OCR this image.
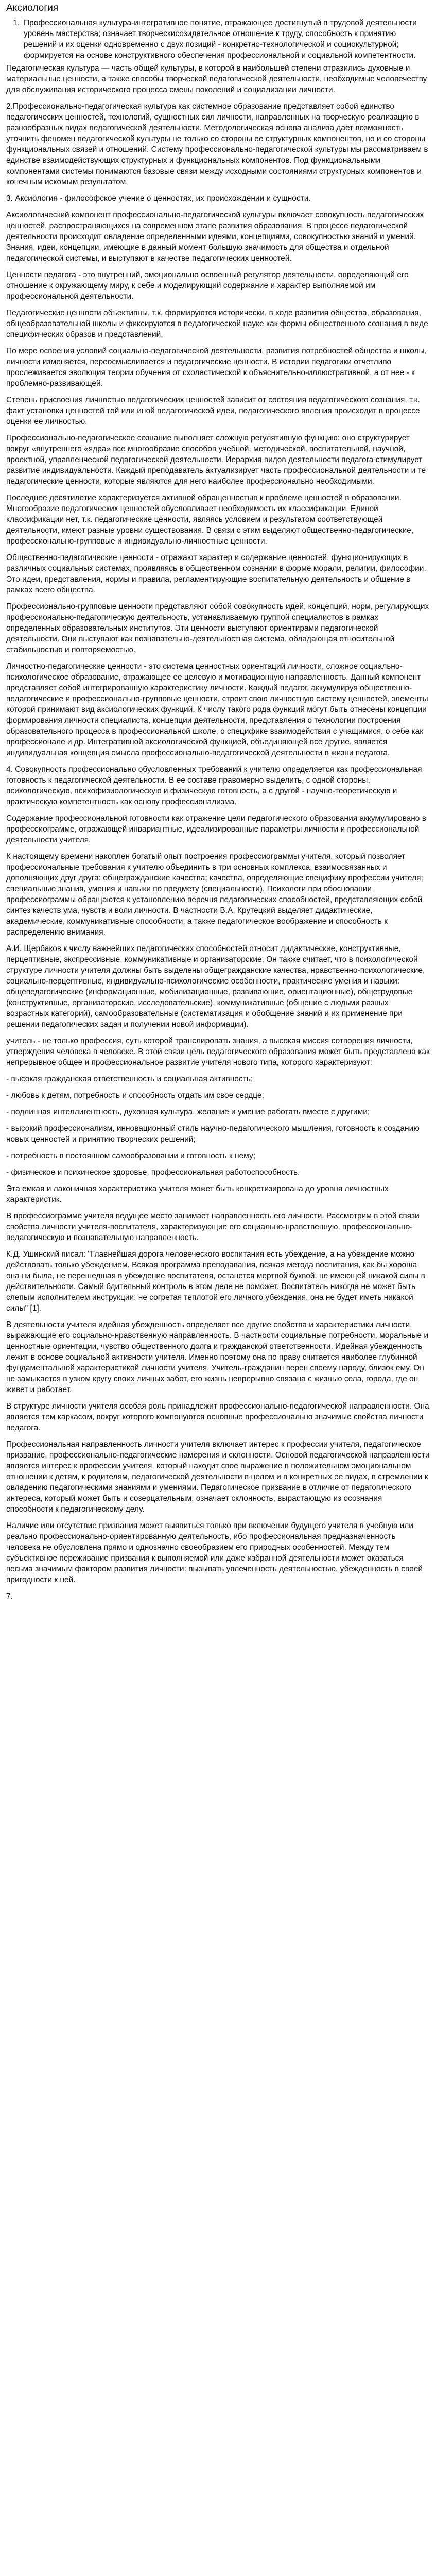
Аксиология
1. Профессиональная культура-интегративное понятие, отражающее достигнутый в трудовой деятельности уровень мастерства; означает творческисозидательное отношение к труду, способность к принятию решений и их оценки одновременно с двух позиций - конкретно-технологической и социокультурной; формируется на основе конструктивного обеспечения профессиональной и социальной компетентности.

Педагогическая культура — часть общей культуры, в которой в наибольшей степени отразились духовные и материальные ценности, а также способы творческой педагогической деятельности, необходимые человечеству для обслуживания исторического процесса смены поколений и социализации личности.

2.Профессионально-педагогическая культура как системное образование представляет собой единство педагогических ценностей, технологий, сущностных сил личности, направленных на творческую реализацию в разнообразных видах педагогической деятельности. Методологическая основа анализа дает возможность уточнить феномен педагогической культуры не только со стороны ее структурных компонентов, но и со стороны функциональных связей и отношений. Систему профессионально-педагогической культуры мы рассматриваем в единстве взаимодействующих структурных и функциональных компонентов. Под функциональными компонентами системы понимаются базовые связи между исходными состояниями структурных компонентов и конечным искомым результатом.

3. Аксиология - философское учение о ценностях, их происхождении и сущности.

Аксиологический компонент профессионально-педагогической культуры включает совокупность педагогических ценностей, распространяющихся на современном этапе развития образования. В процессе педагогической деятельности происходит овладение определенными идеями, концепциями, совокупностью знаний и умений. Знания, идеи, концепции, имеющие в данный момент большую значимость для общества и отдельной педагогической системы, и выступают в качестве педагогических ценностей.

Ценности педагога - это внутренний, эмоционально освоенный регулятор деятельности, определяющий его отношение к окружающему миру, к себе и моделирующий содержание и характер выполняемой им профессиональной деятельности.

Педагогические ценности объективны, т.к. формируются исторически, в ходе развития общества, образования, общеобразовательной школы и фиксируются в педагогической науке как формы общественного сознания в виде специфических образов и представлений.

По мере освоения условий социально-педагогической деятельности, развития потребностей общества и школы, личности изменяется, переосмысливается и педагогические ценности. В истории педагогики отчетливо прослеживается эволюция теории обучения от схоластической к объяснительно-иллюстративной, а от нее - к проблемно-развивающей.

Степень присвоения личностью педагогических ценностей зависит от состояния педагогического сознания, т.к. факт установки ценностей той или иной педагогической идеи, педагогического явления происходит в процессе оценки ее личностью.

Профессионально-педагогическое сознание выполняет сложную регулятивную функцию: оно структурирует вокруг «внутреннего «ядра» все многообразие способов учебной, методической, воспитательной, научной, проектной, управленческой педагогической деятельности. Иерархия видов деятельности педагога стимулирует развитие индивидуальности. Каждый преподаватель актуализирует часть профессиональной деятельности и те педагогические ценности, которые являются для него наиболее профессионально необходимыми.

Последнее десятилетие характеризуется активной обращенностью к проблеме ценностей в образовании. Многообразие педагогических ценностей обусловливает необходимость их классификации. Единой классификации нет, т.к. педагогические ценности, являясь условием и результатом соответствующей деятельности, имеют разные уровни существования. В связи с этим выделяют общественно-педагогические, профессионально-групповые и индивидуально-личностные ценности.

Общественно-педагогические ценности - отражают характер и содержание ценностей, функционирующих в различных социальных системах, проявляясь в общественном сознании в форме морали, религии, философии. Это идеи, представления, нормы и правила, регламентирующие воспитательную деятельность и общение в рамках всего общества.

Профессионально-групповые ценности представляют собой совокупность идей, концепций, норм, регулирующих профессионально-педагогическую деятельность, устанавливаемую группой специалистов в рамках определенных образовательных институтов. Эти ценности выступают ориентирами педагогической деятельности. Они выступают как познавательно-деятельностная система, обладающая относительной стабильностью и повторяемостью.

Личностно-педагогические ценности - это система ценностных ориентаций личности, сложное социально-психологическое образование, отражающее ее целевую и мотивационную направленность. Данный компонент представляет собой интегрированную характеристику личности. Каждый педагог, аккумулируя общественно-педагогические и профессионально-групповые ценности, строит свою личностную систему ценностей, элементы которой принимают вид аксиологических функций. К числу такого рода функций могут быть отнесены концепции формирования личности специалиста, концепции деятельности, представления о технологии построения образовательного процесса в профессиональной школе, о специфике взаимодействия с учащимися, о себе как профессионале и др. Интегративной аксиологической функцией, объединяющей все другие, является индивидуальная концепция смысла профессионально-педагогической деятельности в жизни педагога.

4. Совокупность профессионально обусловленных требований к учителю определяется как профессиональная готовность к педагогической деятельности. В ее составе правомерно выделить, с одной стороны, психологическую, психофизиологическую и физическую готовность, а с другой - научно-теоретическую и практическую компетентность как основу профессионализма.

Содержание профессиональной готовности как отражение цели педагогического образования аккумулировано в профессиограмме, отражающей инвариантные, идеализированные параметры личности и профессиональной деятельности учителя.

К настоящему времени накоплен богатый опыт построения профессиограммы учителя, который позволяет профессиональные требования к учителю объединить в три основных комплекса, взаимосвязанных и дополняющих друг друга: общегражданские качества; качества, определяющие специфику профессии учителя; специальные знания, умения и навыки по предмету (специальности). Психологи при обосновании профессиограммы обращаются к установлению перечня педагогических способностей, представляющих собой синтез качеств ума, чувств и воли личности. В частности В.А. Крутецкий выделяет дидактические, академические, коммуникативные способности, а также педагогическое воображение и способность к распределению внимания.

А.И. Щербаков к числу важнейших педагогических способностей относит дидактические, конструктивные, перцептивные, экспрессивные, коммуникативные и организаторские. Он также считает, что в психологической структуре личности учителя должны быть выделены общегражданские качества, нравственно-психологические, социально-перцептивные, индивидуально-психологические особенности, практические умения и навыки: общепедагогические (информационные, мобилизационные, развивающие, ориентационные), общетрудовые (конструктивные, организаторские, исследовательские), коммуникативные (общение с людьми разных возрастных категорий), самообразовательные (систематизация и обобщение знаний и их применение при решении педагогических задач и получении новой информации).

учитель - не только профессия, суть которой транслировать знания, а высокая миссия сотворения личности, утверждения человека в человеке. В этой связи цель педагогического образования может быть представлена как непрерывное общее и профессиональное развитие учителя нового типа, которого характеризуют:

- высокая гражданская ответственность и социальная активность;

- любовь к детям, потребность и способность отдать им свое сердце;

- подлинная интеллигентность, духовная культура, желание и умение работать вместе с другими;

- высокий профессионализм, инновационный стиль научно-педагогического мышления, готовность к созданию новых ценностей и принятию творческих решений;

- потребность в постоянном самообразовании и готовность к нему;

- физическое и психическое здоровье, профессиональная работоспособность.

Эта емкая и лаконичная характеристика учителя может быть конкретизирована до уровня личностных характеристик.

В профессиограмме учителя ведущее место занимает направленность его личности. Рассмотрим в этой связи свойства личности учителя-воспитателя, характеризующие его социально-нравственную, профессионально-педагогическую и познавательную направленность.

К.Д. Ушинский писал: "Главнейшая дорога человеческого воспитания есть убеждение, а на убеждение можно действовать только убеждением. Всякая программа преподавания, всякая метода воспитания, как бы хороша она ни была, не перешедшая в убеждение воспитателя, останется мертвой буквой, не имеющей никакой силы в действительности. Самый бдительный контроль в этом деле не поможет. Воспитатель никогда не может быть слепым исполнителем инструкции: не согретая теплотой его личного убеждения, она не будет иметь никакой силы" [1].

В деятельности учителя идейная убежденность определяет все другие свойства и характеристики личности, выражающие его социально-нравственную направленность. В частности социальные потребности, моральные и ценностные ориентации, чувство общественного долга и гражданской ответственности. Идейная убежденность лежит в основе социальной активности учителя. Именно поэтому она по праву считается наиболее глубинной фундаментальной характеристикой личности учителя. Учитель-гражданин верен своему народу, близок ему. Он не замыкается в узком кругу своих личных забот, его жизнь непрерывно связана с жизнью села, города, где он живет и работает.

В структуре личности учителя особая роль принадлежит профессионально-педагогической направленности. Она является тем каркасом, вокруг которого компонуются основные профессионально значимые свойства личности педагога.

Профессиональная направленность личности учителя включает интерес к профессии учителя, педагогическое призвание, профессионально-педагогические намерения и склонности. Основой педагогической направленности является интерес к профессии учителя, который находит свое выражение в положительном эмоциональном отношении к детям, к родителям, педагогической деятельности в целом и в конкретных ее видах, в стремлении к овладению педагогическими знаниями и умениями. Педагогическое призвание в отличие от педагогического интереса, который может быть и созерцательным, означает склонность, вырастающую из осознания способности к педагогическому делу.

Наличие или отсутствие призвания может выявиться только при включении будущего учителя в учебную или реально профессионально-ориентированную деятельность, ибо профессиональная предназначенность человека не обусловлена прямо и однозначно своеобразием его природных особенностей. Между тем субъективное переживание призвания к выполняемой или даже избранной деятельности может оказаться весьма значимым фактором развития личности: вызывать увлеченность деятельностью, убежденность в своей пригодности к ней.

7.
